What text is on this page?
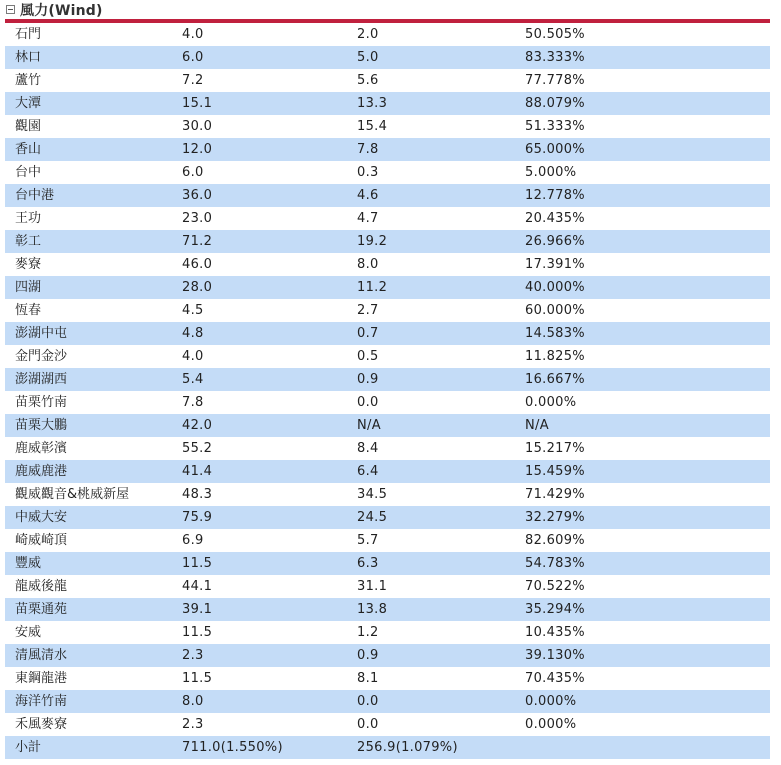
風力(Wind)
石門	4.0	2.0	50.505%
林口	6.0	5.0	83.333%
蘆竹	7.2	5.6	77.778%
大潭	15.1	13.3	88.079%
觀園	30.0	15.4	51.333%
香山	12.0	7.8	65.000%
台中	6.0	0.3	5.000%
台中港	36.0	4.6	12.778%
王功	23.0	4.7	20.435%
彰工	71.2	19.2	26.966%
麥寮	46.0	8.0	17.391%
四湖	28.0	11.2	40.000%
恆春	4.5	2.7	60.000%
澎湖中屯	4.8	0.7	14.583%
金門金沙	4.0	0.5	11.825%
澎湖湖西	5.4	0.9	16.667%
苗栗竹南	7.8	0.0	0.000%
苗栗大鵬	42.0	N/A	N/A
鹿威彰濱	55.2	8.4	15.217%
鹿威鹿港	41.4	6.4	15.459%
觀威觀音&桃威新屋	48.3	34.5	71.429%
中威大安	75.9	24.5	32.279%
崎威崎頂	6.9	5.7	82.609%
豐威	11.5	6.3	54.783%
龍威後龍	44.1	31.1	70.522%
苗栗通苑	39.1	13.8	35.294%
安威	11.5	1.2	10.435%
清風清水	2.3	0.9	39.130%
東鋼龍港	11.5	8.1	70.435%
海洋竹南	8.0	0.0	0.000%
禾風麥寮	2.3	0.0	0.000%
小計	711.0(1.550%)	256.9(1.079%)	
